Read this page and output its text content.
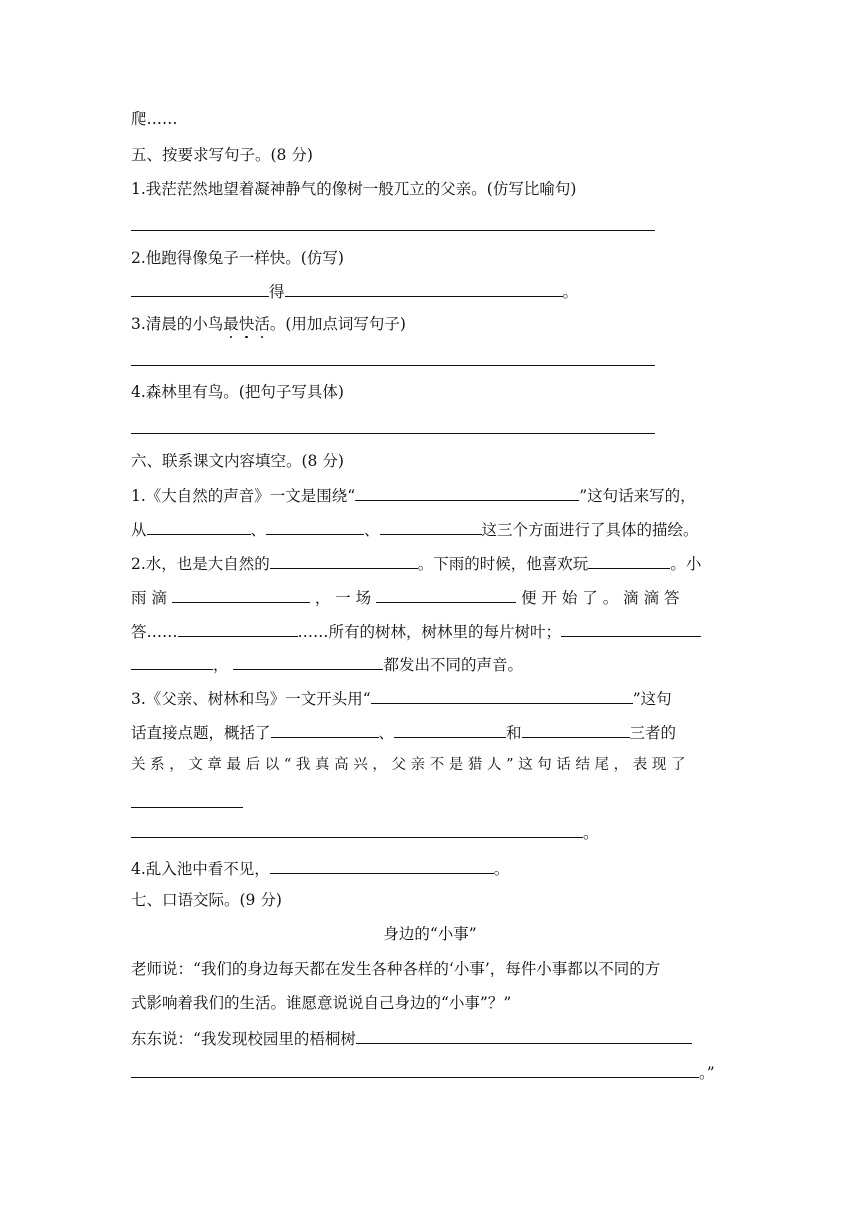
爬……
五、按要求写句子。(8 分)
1.我茫茫然地望着凝神静气的像树一般兀立的父亲。(仿写比喻句)
2.他跑得像兔子一样快。(仿写)
得	。
3.清晨的小鸟最快活。(用加点词写句子)
4.森林里有鸟。(把句子写具体)
六、联系课文内容填空。(8 分)
1.《大自然的声音》一文是围绕“	”这句话来写的，
从	、	、	这三个方面进行了具体的描绘。
2.水，也是大自然的	。下雨的时候，他喜欢玩	。小
雨 滴	， 一 场	便 开 始 了 。 滴 滴 答
答……	……所有的树林，树林里的每片树叶；
，	都发出不同的声音。
3.《父亲、树林和鸟》一文开头用“	”这句
话直接点题，概括了	、	和	三者的
关 系 ， 文 章 最 后 以 “ 我 真 高 兴 ， 父 亲 不 是 猎 人 ” 这 句 话 结 尾 ， 表 现 了
。
4.乱入池中看不见，	。
七、口语交际。(9 分)
身边的“小事”
老师说：“我们的身边每天都在发生各种各样的‘小事’，每件小事都以不同的方
式影响着我们的生活。谁愿意说说自己身边的“小事”？”
东东说：“我发现校园里的梧桐树
。”
